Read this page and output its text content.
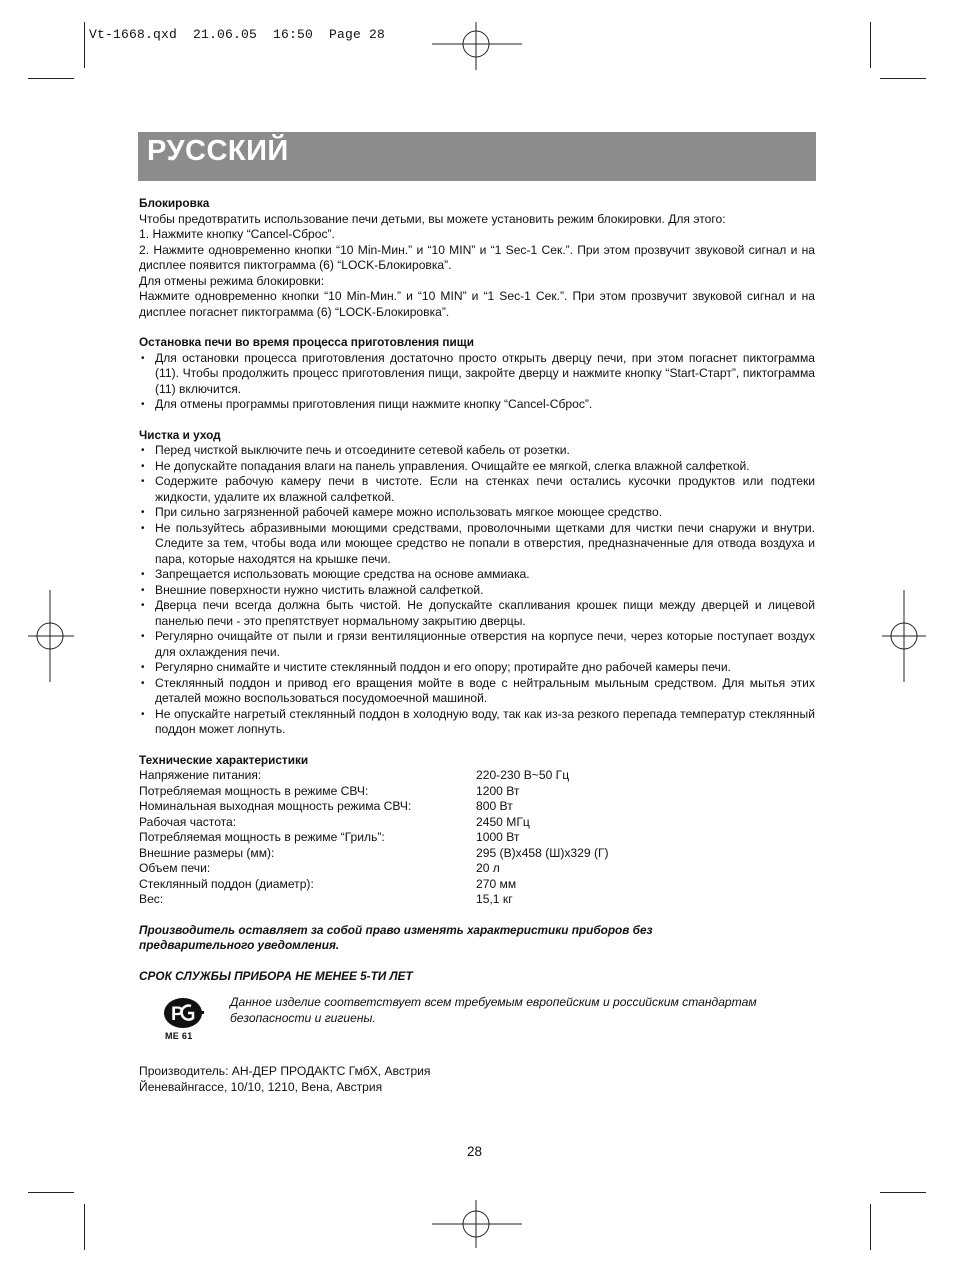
Vt-1668.qxd  21.06.05  16:50  Page 28
РУССКИЙ
Блокировка
Чтобы предотвратить использование печи детьми, вы можете установить режим блокировки. Для этого:
1. Нажмите кнопку “Cancel-Сброс”.
2. Нажмите одновременно кнопки “10 Min-Мин.” и “10 MIN” и “1 Sec-1 Сек.”. При этом прозвучит звуковой сигнал и на дисплее появится пиктограмма (6) “LOCK-Блокировка”.
Для отмены режима блокировки:
Нажмите одновременно кнопки “10 Min-Мин.” и “10 MIN” и “1 Sec-1 Сек.”. При этом прозвучит звуковой сигнал и на дисплее погаснет пиктограмма (6) “LOCK-Блокировка”.
Остановка печи во время процесса приготовления пищи
• Для остановки процесса приготовления достаточно просто открыть дверцу печи, при этом погаснет пиктограмма (11). Чтобы продолжить процесс приготовления пищи, закройте дверцу и нажмите кнопку “Start-Старт”, пиктограмма (11) включится.
• Для отмены программы приготовления пищи нажмите кнопку “Cancel-Сброс”.
Чистка и уход
• Перед чисткой выключите печь и отсоедините сетевой кабель от розетки.
• Не допускайте попадания влаги на панель управления. Очищайте ее мягкой, слегка влажной салфеткой.
• Содержите рабочую камеру печи в чистоте. Если на стенках печи остались кусочки продуктов или подтеки жидкости, удалите их влажной салфеткой.
• При сильно загрязненной рабочей камере можно использовать мягкое моющее средство.
• Не пользуйтесь абразивными моющими средствами, проволочными щетками для чистки печи снаружи и внутри. Следите за тем, чтобы вода или моющее средство не попали в отверстия, предназначенные для отвода воздуха и пара, которые находятся на крышке печи.
• Запрещается использовать моющие средства на основе аммиака.
• Внешние поверхности нужно чистить влажной салфеткой.
• Дверца печи всегда должна быть чистой. Не допускайте скапливания крошек пищи между дверцей и лицевой панелью печи - это препятствует нормальному закрытию дверцы.
• Регулярно очищайте от пыли и грязи вентиляционные отверстия на корпусе печи, через которые поступает воздух для охлаждения печи.
• Регулярно снимайте и чистите стеклянный поддон и его опору; протирайте дно рабочей камеры печи.
• Стеклянный поддон и привод его вращения мойте в воде с нейтральным мыльным средством. Для мытья этих деталей можно воспользоваться посудомоечной машиной.
• Не опускайте нагретый стеклянный поддон в холодную воду, так как из-за резкого перепада температур стеклянный поддон может лопнуть.
Технические характеристики
Напряжение питания:	220-230 В~50 Гц
Потребляемая мощность в режиме СВЧ:	1200 Вт
Номинальная выходная мощность режима СВЧ:	800 Вт
Рабочая частота:	2450 МГц
Потребляемая мощность в режиме “Гриль”:	1000 Вт
Внешние размеры (мм):	295 (В)x458 (Ш)x329 (Г)
Объем печи:	20 л
Стеклянный поддон (диаметр):	270 мм
Вес:	15,1 кг
Производитель оставляет за собой право изменять характеристики приборов без
предварительного уведомления.
СРОК СЛУЖБЫ ПРИБОРА НЕ МЕНЕЕ 5-ТИ ЛЕТ
P
ME 61
Данное изделие соответствует всем требуемым европейским и российским стандартам безопасности и гигиены.
Производитель: АН-ДЕР ПРОДАКТС ГмбХ, Австрия
Йеневайнгассе, 10/10, 1210, Вена, Австрия
28
